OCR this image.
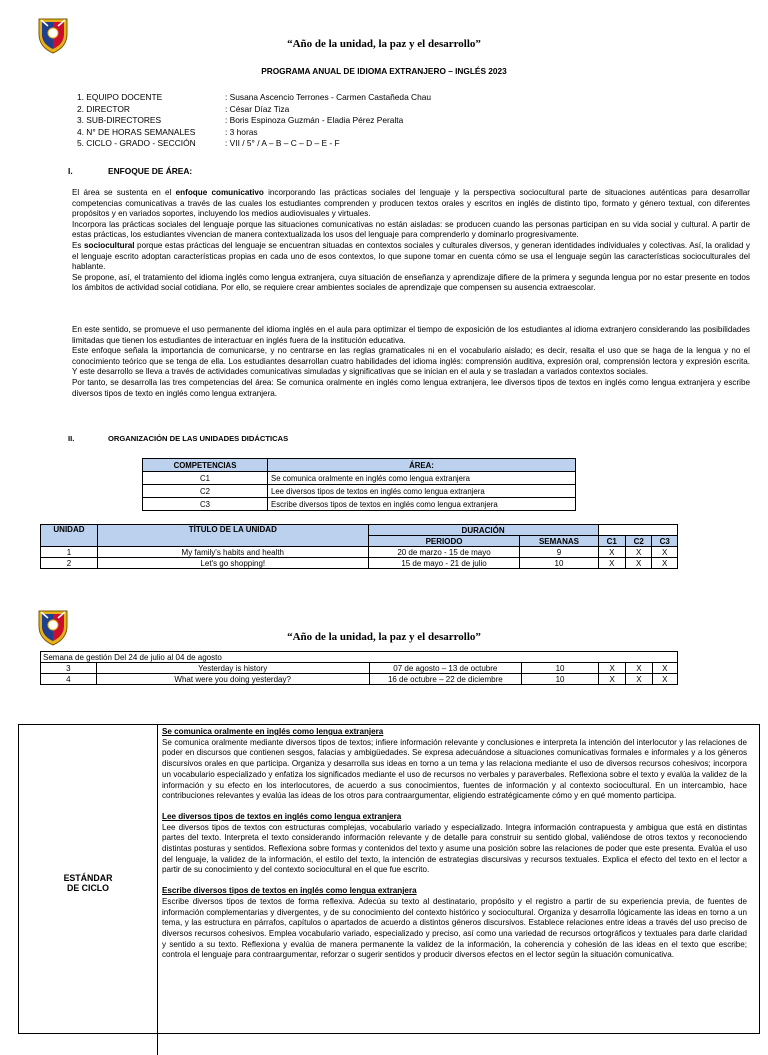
“Año de la unidad, la paz y el desarrollo”
PROGRAMA ANUAL DE IDIOMA EXTRANJERO – INGLÉS 2023
1. EQUIPO DOCENTE	: Susana Ascencio Terrones - Carmen Castañeda Chau
2. DIRECTOR	: César Díaz Tiza
3. SUB-DIRECTORES	: Boris Espinoza Guzmán - Eladia Pérez Peralta
4. N° DE HORAS SEMANALES	: 3 horas
5. CICLO - GRADO - SECCIÓN	: VII / 5° / A – B – C – D – E - F
I.	ENFOQUE DE ÁREA:

El área se sustenta en el enfoque comunicativo incorporando las prácticas sociales del lenguaje y la perspectiva sociocultural parte de situaciones auténticas para desarrollar competencias comunicativas a través de las cuales los estudiantes comprenden y producen textos orales y escritos en inglés de distinto tipo, formato y género textual, con diferentes propósitos y en variados soportes, incluyendo los medios audiovisuales y virtuales.

Incorpora las prácticas sociales del lenguaje porque las situaciones comunicativas no están aisladas: se producen cuando las personas participan en su vida social y cultural. A partir de estas prácticas, los estudiantes vivencian de manera contextualizada los usos del lenguaje para comprenderlo y dominarlo progresivamente.

Es sociocultural porque estas prácticas del lenguaje se encuentran situadas en contextos sociales y culturales diversos, y generan identidades individuales y colectivas. Así, la oralidad y el lenguaje escrito adoptan características propias en cada uno de esos contextos, lo que supone tomar en cuenta cómo se usa el lenguaje según las características socioculturales del hablante.

Se propone, así, el tratamiento del idioma inglés como lengua extranjera, cuya situación de enseñanza y aprendizaje difiere de la primera y segunda lengua por no estar presente en todos los ámbitos de actividad social cotidiana. Por ello, se requiere crear ambientes sociales de aprendizaje que compensen su ausencia extraescolar.

En este sentido, se promueve el uso permanente del idioma inglés en el aula para optimizar el tiempo de exposición de los estudiantes al idioma extranjero considerando las posibilidades limitadas que tienen los estudiantes de interactuar en inglés fuera de la institución educativa.

Este enfoque señala la importancia de comunicarse, y no centrarse en las reglas gramaticales ni en el vocabulario aislado; es decir, resalta el uso que se haga de la lengua y no el conocimiento teórico que se tenga de ella. Los estudiantes desarrollan cuatro habilidades del idioma inglés: comprensión auditiva, expresión oral, comprensión lectora y expresión escrita. Y este desarrollo se lleva a través de actividades comunicativas simuladas y significativas que se inician en el aula y se trasladan a variados contextos sociales.

Por tanto, se desarrolla las tres competencias del área: Se comunica oralmente en inglés como lengua extranjera, lee diversos tipos de textos en inglés como lengua extranjera y escribe diversos tipos de texto en inglés como lengua extranjera.

II.	ORGANIZACIÓN DE LAS UNIDADES DIDÁCTICAS
COMPETENCIAS	ÁREA:
C1	Se comunica oralmente en inglés como lengua extranjera
C2	Lee diversos tipos de textos en inglés como lengua extranjera
C3	Escribe diversos tipos de textos en inglés como lengua extranjera
UNIDAD	TÍTULO DE LA UNIDAD	DURACIÓN				
		PERIODO	SEMANAS	C1	C2	C3
1	My family's habits and health	20 de marzo - 15 de mayo	9	X	X	X
2	Let's go shopping!	15 de mayo - 21 de julio	10	X	X	X
“Año de la unidad, la paz y el desarrollo”
Semana de gestión Del 24 de julio al 04 de agosto
3	Yesterday is history	07 de agosto – 13 de octubre	10	X	X	X
4	What were you doing yesterday?	16 de octubre – 22 de diciembre	10	X	X	X
ESTÁNDAR
DE CICLO

Se comunica oralmente en inglés como lengua extranjera

Se comunica oralmente mediante diversos tipos de textos; infiere información relevante y conclusiones e interpreta la intención del interlocutor y las relaciones de poder en discursos que contienen sesgos, falacias y ambigüedades. Se expresa adecuándose a situaciones comunicativas formales e informales y a los géneros discursivos orales en que participa. Organiza y desarrolla sus ideas en torno a un tema y las relaciona mediante el uso de diversos recursos cohesivos; incorpora un vocabulario especializado y enfatiza los significados mediante el uso de recursos no verbales y paraverbales. Reflexiona sobre el texto y evalúa la validez de la información y su efecto en los interlocutores, de acuerdo a sus conocimientos, fuentes de información y al contexto sociocultural. En un intercambio, hace contribuciones relevantes y evalúa las ideas de los otros para contraargumentar, eligiendo estratégicamente cómo y en qué momento participa.

Lee diversos tipos de textos en inglés como lengua extranjera

Lee diversos tipos de textos con estructuras complejas, vocabulario variado y especializado. Integra información contrapuesta y ambigua que está en distintas partes del texto. Interpreta el texto considerando información relevante y de detalle para construir su sentido global, valiéndose de otros textos y reconociendo distintas posturas y sentidos. Reflexiona sobre formas y contenidos del texto y asume una posición sobre las relaciones de poder que este presenta. Evalúa el uso del lenguaje, la validez de la información, el estilo del texto, la intención de estrategias discursivas y recursos textuales. Explica el efecto del texto en el lector a partir de su conocimiento y del contexto sociocultural en el que fue escrito.

Escribe diversos tipos de textos en inglés como lengua extranjera

Escribe diversos tipos de textos de forma reflexiva. Adecúa su texto al destinatario, propósito y el registro a partir de su experiencia previa, de fuentes de información complementarias y divergentes, y de su conocimiento del contexto histórico y sociocultural. Organiza y desarrolla lógicamente las ideas en torno a un tema, y las estructura en párrafos, capítulos o apartados de acuerdo a distintos géneros discursivos. Establece relaciones entre ideas a través del uso preciso de diversos recursos cohesivos. Emplea vocabulario variado, especializado y preciso, así como una variedad de recursos ortográficos y textuales para darle claridad y sentido a su texto. Reflexiona y evalúa de manera permanente la validez de la información, la coherencia y cohesión de las ideas en el texto que escribe; controla el lenguaje para contraargumentar, reforzar o sugerir sentidos y producir diversos efectos en el lector según la situación comunicativa.
